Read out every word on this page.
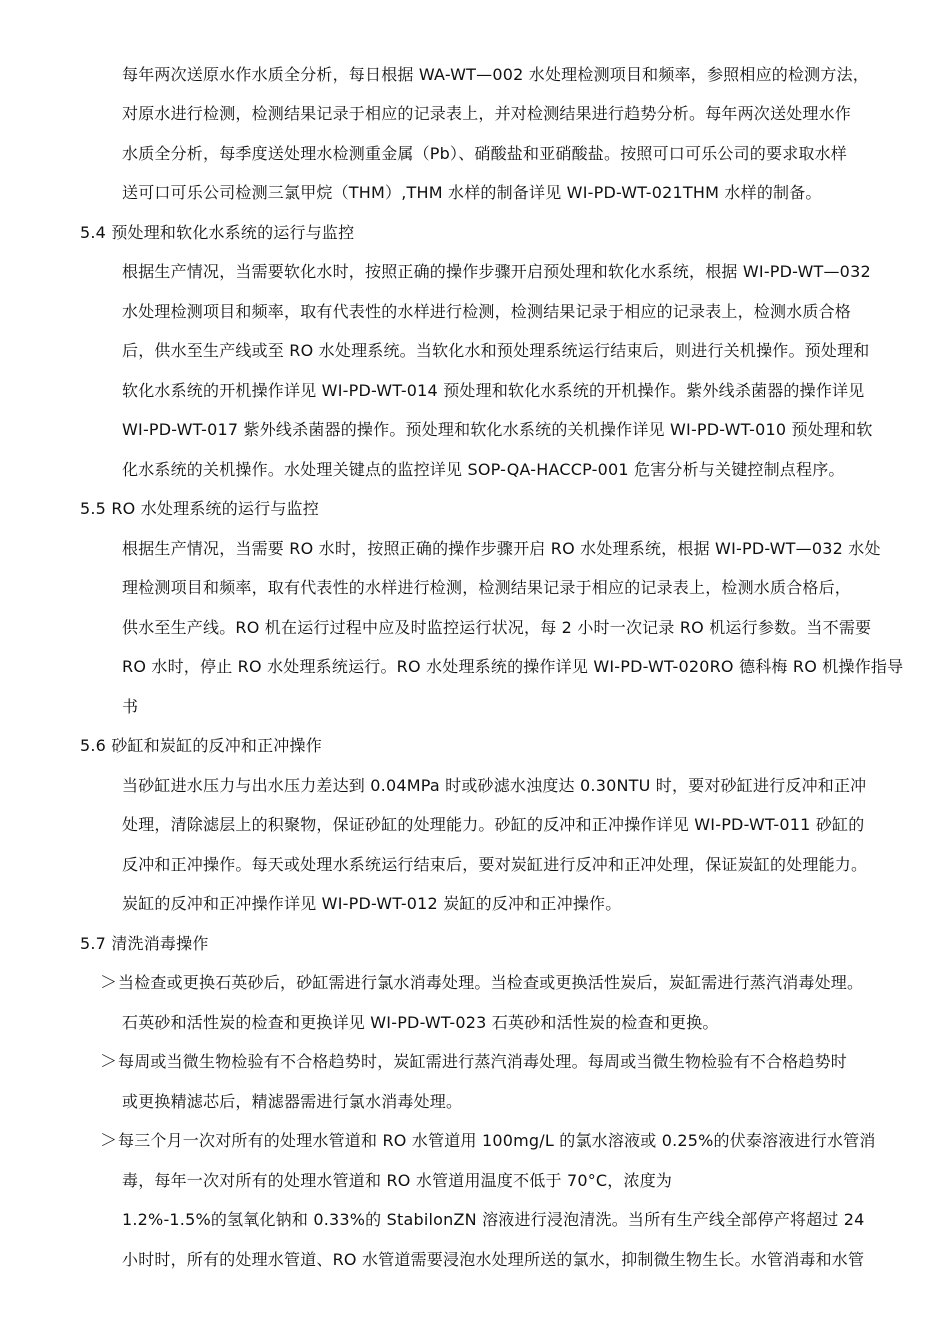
每年两次送原水作水质全分析，每日根据 WA-WT—002 水处理检测项目和频率，参照相应的检测方法，
对原水进行检测，检测结果记录于相应的记录表上，并对检测结果进行趋势分析。每年两次送处理水作
水质全分析，每季度送处理水检测重金属（Pb）、硝酸盐和亚硝酸盐。按照可口可乐公司的要求取水样
送可口可乐公司检测三氯甲烷（THM）,THM 水样的制备详见 WI-PD-WT-021THM 水样的制备。
5.4 预处理和软化水系统的运行与监控
根据生产情况，当需要软化水时，按照正确的操作步骤开启预处理和软化水系统，根据 WI-PD-WT—032
水处理检测项目和频率，取有代表性的水样进行检测，检测结果记录于相应的记录表上，检测水质合格
后，供水至生产线或至 RO 水处理系统。当软化水和预处理系统运行结束后，则进行关机操作。预处理和
软化水系统的开机操作详见 WI-PD-WT-014 预处理和软化水系统的开机操作。紫外线杀菌器的操作详见
WI-PD-WT-017 紫外线杀菌器的操作。预处理和软化水系统的关机操作详见 WI-PD-WT-010 预处理和软
化水系统的关机操作。水处理关键点的监控详见 SOP-QA-HACCP-001 危害分析与关键控制点程序。
5.5 RO 水处理系统的运行与监控
根据生产情况，当需要 RO 水时，按照正确的操作步骤开启 RO 水处理系统，根据 WI-PD-WT—032 水处
理检测项目和频率，取有代表性的水样进行检测，检测结果记录于相应的记录表上，检测水质合格后，
供水至生产线。RO 机在运行过程中应及时监控运行状况，每 2 小时一次记录 RO 机运行参数。当不需要
RO 水时，停止 RO 水处理系统运行。RO 水处理系统的操作详见 WI-PD-WT-020RO 德科梅 RO 机操作指导
书
5.6 砂缸和炭缸的反冲和正冲操作
当砂缸进水压力与出水压力差达到 0.04MPa 时或砂滤水浊度达 0.30NTU 时，要对砂缸进行反冲和正冲
处理，清除滤层上的积聚物，保证砂缸的处理能力。砂缸的反冲和正冲操作详见 WI-PD-WT-011 砂缸的
反冲和正冲操作。每天或处理水系统运行结束后，要对炭缸进行反冲和正冲处理，保证炭缸的处理能力。
炭缸的反冲和正冲操作详见 WI-PD-WT-012 炭缸的反冲和正冲操作。
5.7 清洗消毒操作
＞ 当检查或更换石英砂后，砂缸需进行氯水消毒处理。当检查或更换活性炭后，炭缸需进行蒸汽消毒处理。
石英砂和活性炭的检查和更换详见 WI-PD-WT-023 石英砂和活性炭的检查和更换。
＞ 每周或当微生物检验有不合格趋势时，炭缸需进行蒸汽消毒处理。每周或当微生物检验有不合格趋势时
或更换精滤芯后，精滤器需进行氯水消毒处理。
＞ 每三个月一次对所有的处理水管道和 RO 水管道用 100mg/L 的氯水溶液或 0.25%的伏泰溶液进行水管消
毒，每年一次对所有的处理水管道和 RO 水管道用温度不低于 70°C，浓度为
1.2%-1.5%的氢氧化钠和 0.33%的 StabilonZN 溶液进行浸泡清洗。当所有生产线全部停产将超过 24
小时时，所有的处理水管道、RO 水管道需要浸泡水处理所送的氯水，抑制微生物生长。水管消毒和水管
